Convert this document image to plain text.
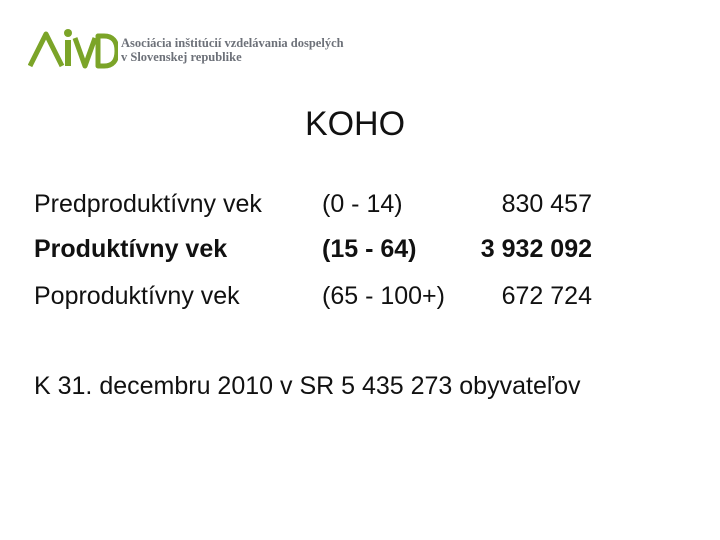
Asociácia inštitúcií vzdelávania dospelých
v Slovenskej republike
KOHO
Predproduktívny vek (0 - 14)	830 457
Produktívny vek	(15 - 64)	3 932 092
Poproduktívny vek	(65 - 100+) 672 724
K 31. decembru 2010 v SR 5 435 273 obyvateľov
